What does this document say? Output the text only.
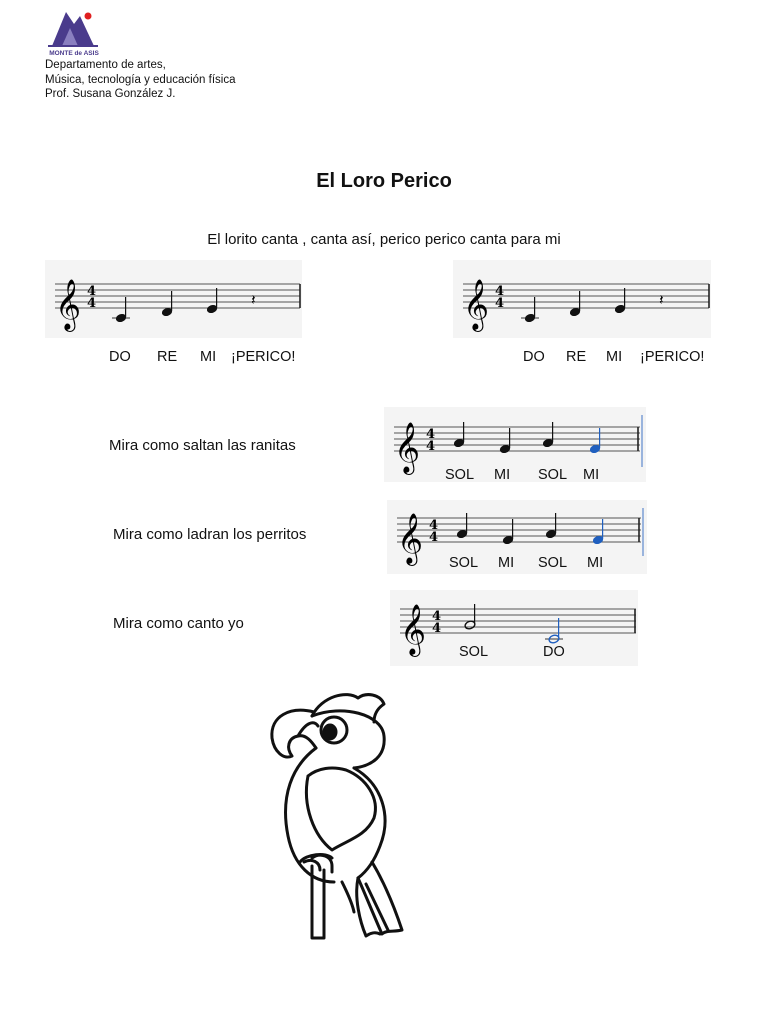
MONTE de ASIS
Departamento de artes,
Música, tecnología y educación física
Prof. Susana González J.
El Loro Perico
El lorito canta , canta así, perico perico canta para mi
𝄞 4
4	𝄽
DO RE MI ¡PERICO!
𝄞 4
4	𝄽
DO RE MI ¡PERICO!
Mira como saltan las ranitas 𝄞 4
4
SOL MI SOL MI
Mira como ladran los perritos 𝄞 4
4
SOL MI SOL MI
Mira como canto yo	𝄞 4
4
SOL	DO
